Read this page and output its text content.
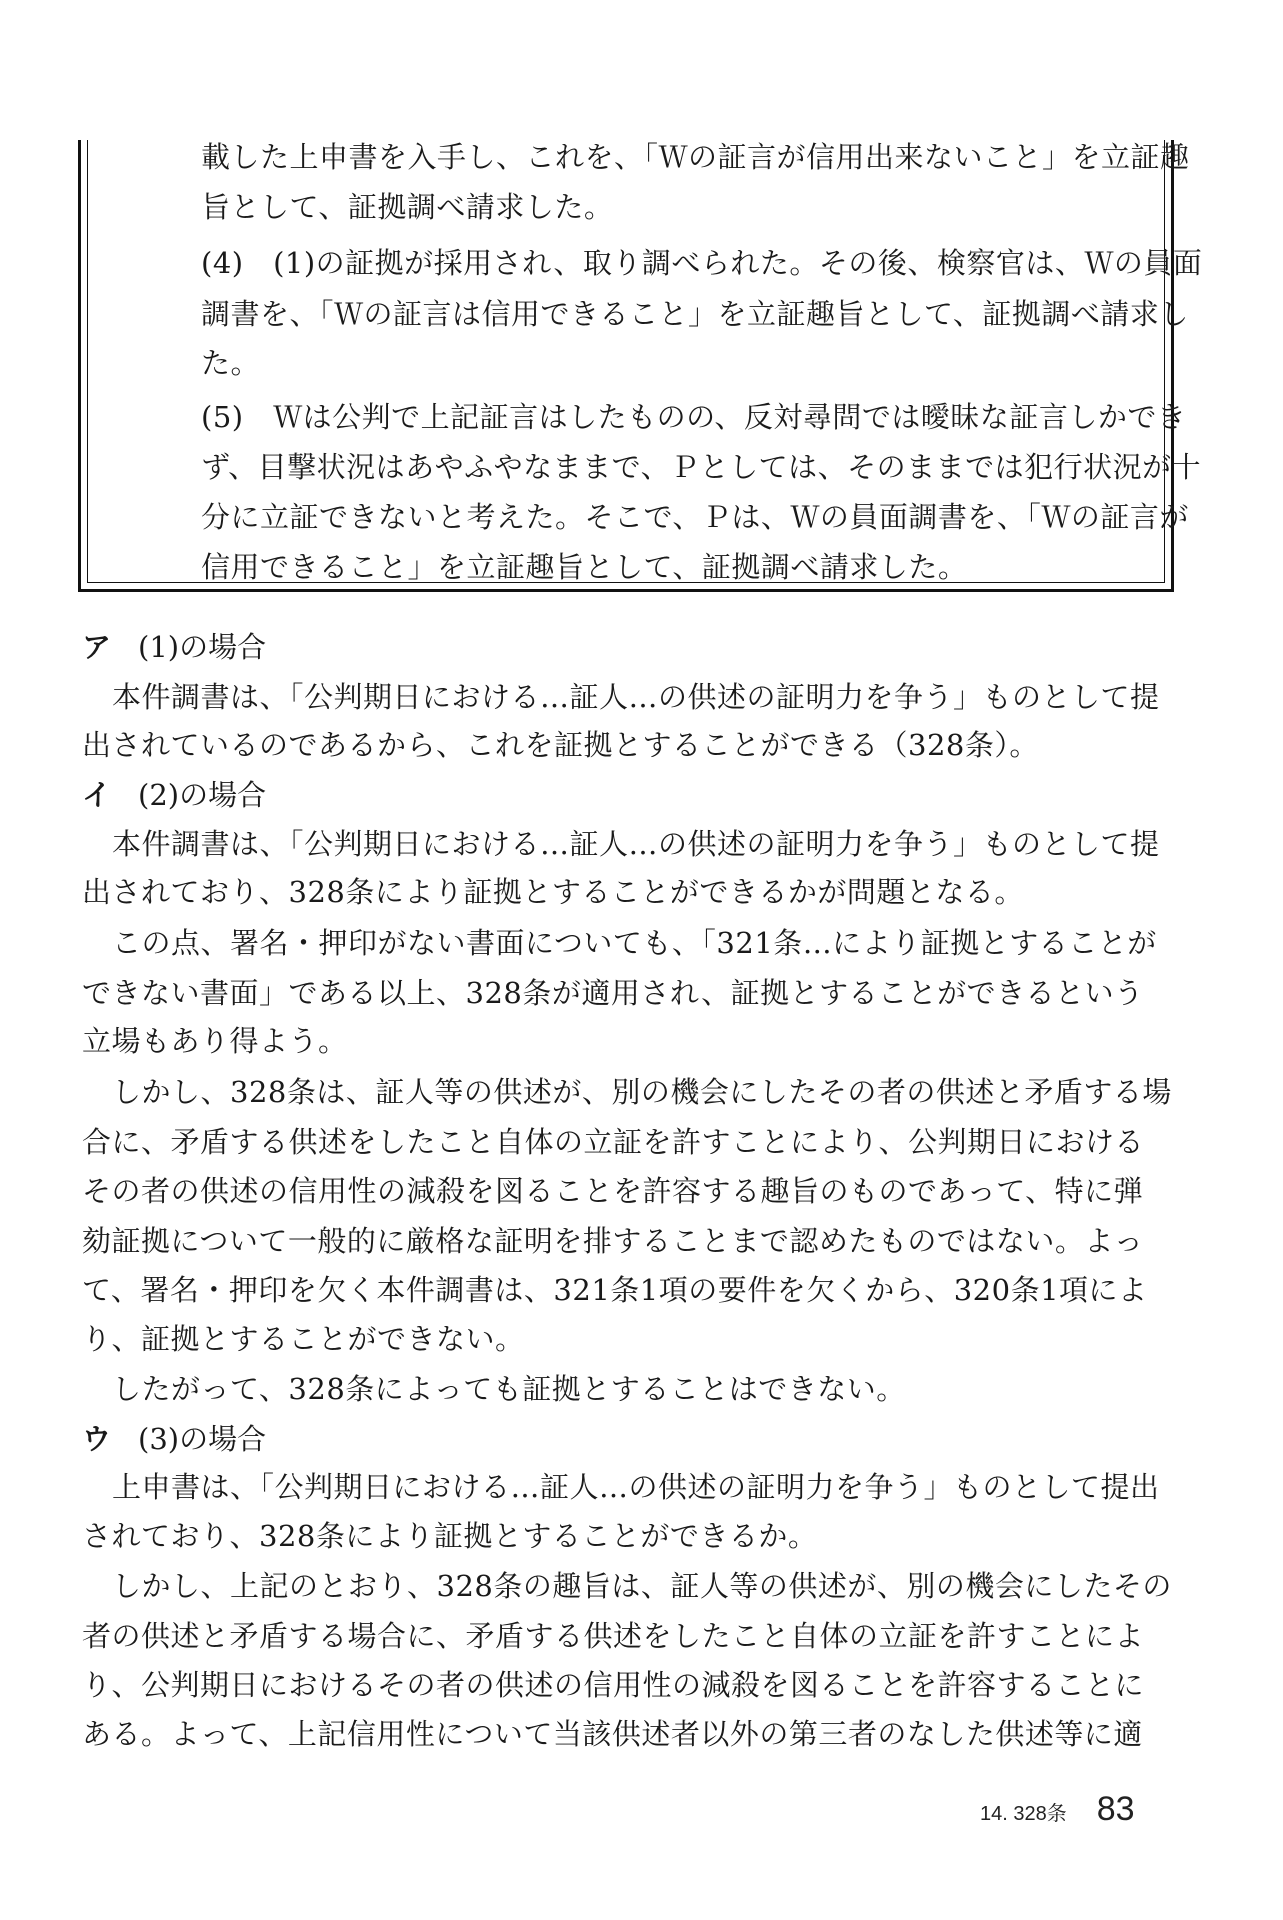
載した上申書を入手し、これを、「Ｗの証言が信用出来ないこと」を立証趣
旨として、証拠調べ請求した。
(4)　(1)の証拠が採用され、取り調べられた。その後、検察官は、Ｗの員面
調書を、「Ｗの証言は信用できること」を立証趣旨として、証拠調べ請求し
た。
(5)　Ｗは公判で上記証言はしたものの、反対尋問では曖昧な証言しかでき
ず、目撃状況はあやふやなままで、Ｐとしては、そのままでは犯行状況が十
分に立証できないと考えた。そこで、Ｐは、Ｗの員面調書を、「Ｗの証言が
信用できること」を立証趣旨として、証拠調べ請求した。
ア (1)の場合
本件調書は、「公判期日における…証人…の供述の証明力を争う」ものとして提
出されているのであるから、これを証拠とすることができる（328条）。
イ (2)の場合
本件調書は、「公判期日における…証人…の供述の証明力を争う」ものとして提
出されており、328条により証拠とすることができるかが問題となる。
この点、署名・押印がない書面についても、「321条…により証拠とすることが
できない書面」である以上、328条が適用され、証拠とすることができるという
立場もあり得よう。
しかし、328条は、証人等の供述が、別の機会にしたその者の供述と矛盾する場
合に、矛盾する供述をしたこと自体の立証を許すことにより、公判期日における
その者の供述の信用性の減殺を図ることを許容する趣旨のものであって、特に弾
劾証拠について一般的に厳格な証明を排することまで認めたものではない。よっ
て、署名・押印を欠く本件調書は、321条1項の要件を欠くから、320条1項によ
り、証拠とすることができない。
したがって、328条によっても証拠とすることはできない。
ウ (3)の場合
上申書は、「公判期日における…証人…の供述の証明力を争う」ものとして提出
されており、328条により証拠とすることができるか。
しかし、上記のとおり、328条の趣旨は、証人等の供述が、別の機会にしたその
者の供述と矛盾する場合に、矛盾する供述をしたこと自体の立証を許すことによ
り、公判期日におけるその者の供述の信用性の減殺を図ることを許容することに
ある。よって、上記信用性について当該供述者以外の第三者のなした供述等に適
14. 328条 83
